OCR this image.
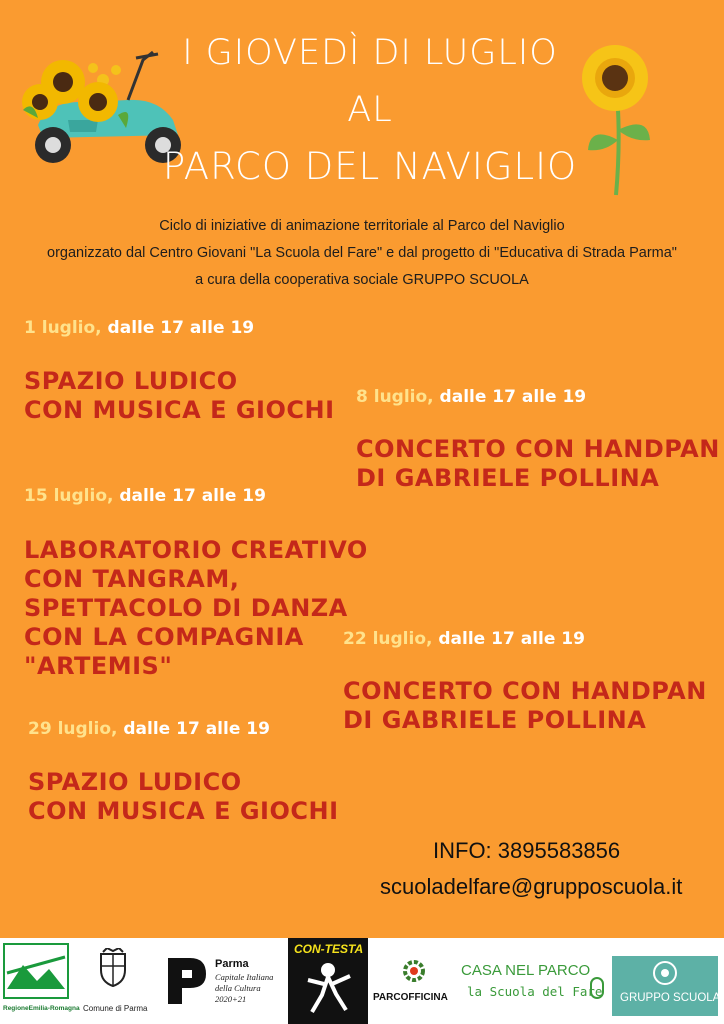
I GIOVEDÌ DI LUGLIO
AL
PARCO DEL NAVIGLIO
Ciclo di iniziative di animazione territoriale al Parco del Naviglio
organizzato dal Centro Giovani "La Scuola del Fare" e dal progetto di "Educativa di Strada Parma"
a cura della cooperativa sociale GRUPPO SCUOLA
1 luglio, dalle 17 alle 19
SPAZIO LUDICO
CON MUSICA E GIOCHI 8 luglio, dalle 17 alle 19
CONCERTO CON HANDPAN
DI GABRIELE POLLINA
15 luglio, dalle 17 alle 19
LABORATORIO CREATIVO
CON TANGRAM,
SPETTACOLO DI DANZA
CON LA COMPAGNIA
"ARTEMIS"
22 luglio, dalle 17 alle 19
CONCERTO CON HANDPAN
DI GABRIELE POLLINA
29 luglio, dalle 17 alle 19
SPAZIO LUDICO
CON MUSICA E GIOCHI
INFO: 3895583856
scuoladelfare@grupposcuola.it
RegioneEmilia-Romagna Comune di Parma
Parma
Capitale Italiana
della Cultura
2020+21
CON-TESTA
PARCOFFICINA
CASA NEL PARCO
la Scuola del Fare GRUPPO SCUOLA
